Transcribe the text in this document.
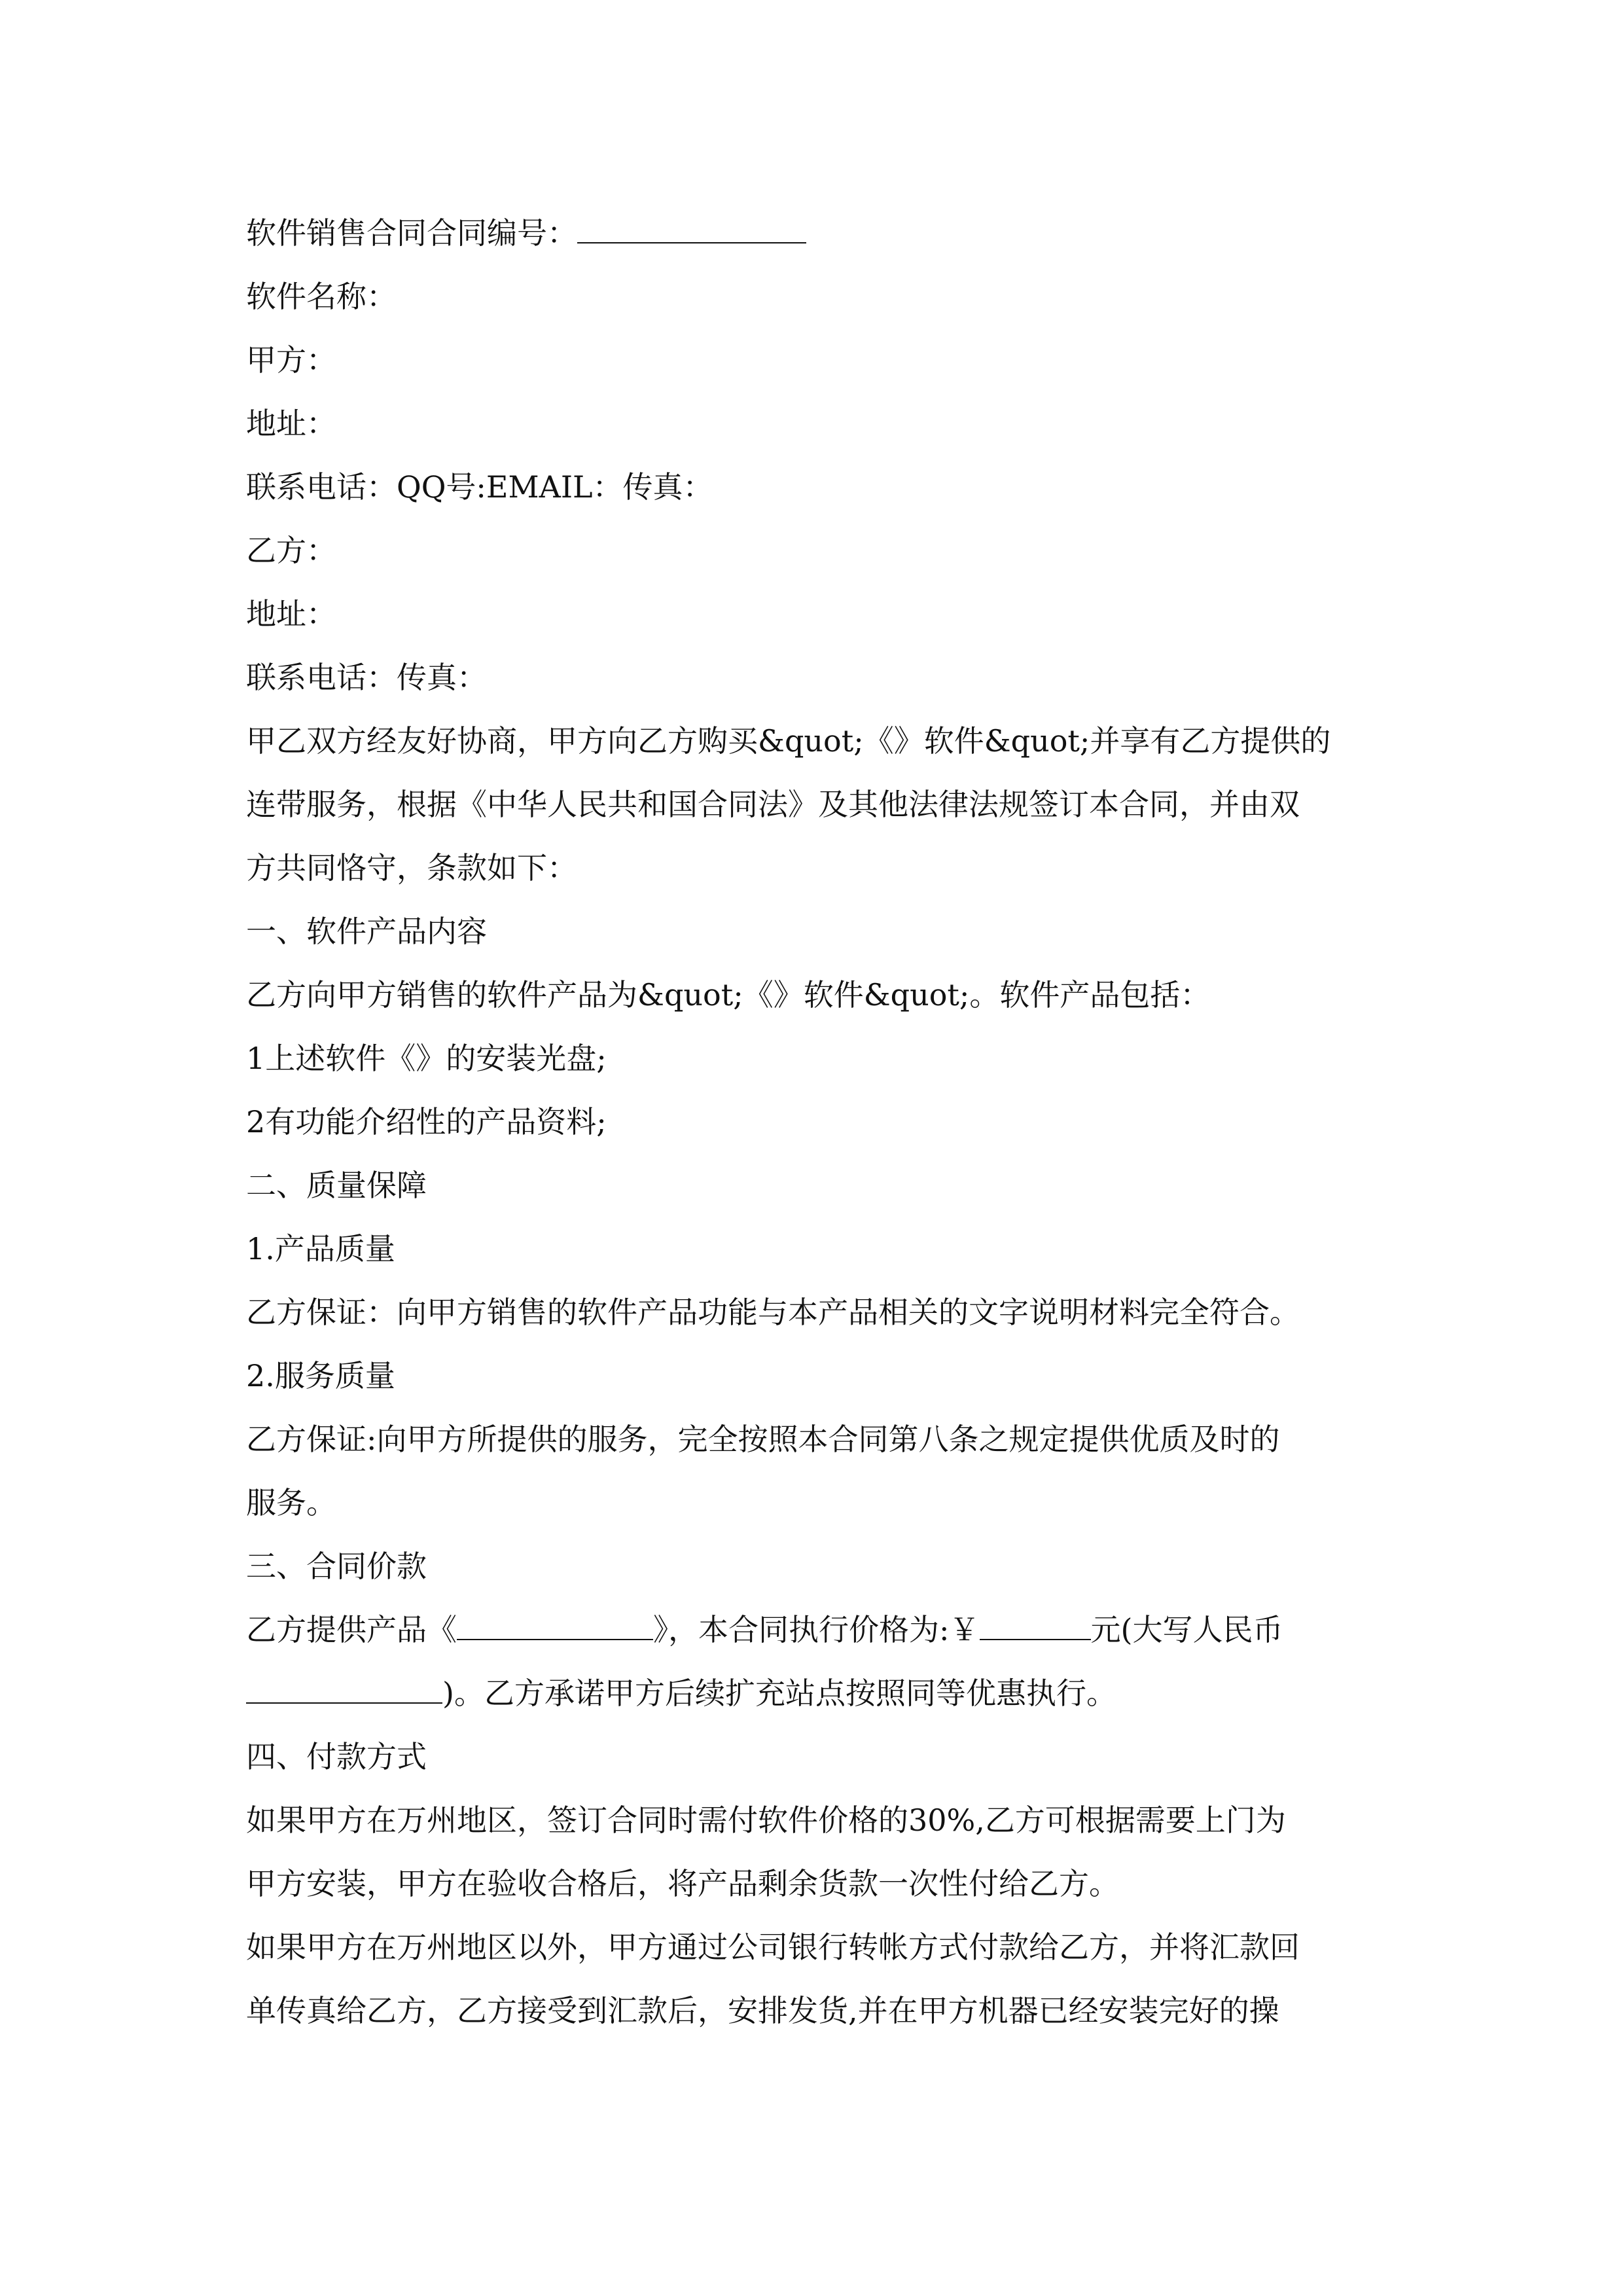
软件销售合同合同编号：
软件名称：
甲方：
地址：
联系电话：QQ号:EMAIL：传真：
乙方：
地址：
联系电话：传真：
甲乙双方经友好协商，甲方向乙方购买&quot;《》软件&quot;并享有乙方提供的
连带服务，根据《中华人民共和国合同法》及其他法律法规签订本合同，并由双
方共同恪守，条款如下：
一、软件产品内容
乙方向甲方销售的软件产品为&quot;《》软件&quot;。软件产品包括：
1上述软件《》的安装光盘;
2有功能介绍性的产品资料;
二、质量保障
1.产品质量
乙方保证：向甲方销售的软件产品功能与本产品相关的文字说明材料完全符合。
2.服务质量
乙方保证:向甲方所提供的服务，完全按照本合同第八条之规定提供优质及时的
服务。
三、合同价款
乙方提供产品《	》，本合同执行价格为:￥	元(大写人民币
)。乙方承诺甲方后续扩充站点按照同等优惠执行。
四、付款方式
如果甲方在万州地区，签订合同时需付软件价格的30%,乙方可根据需要上门为
甲方安装，甲方在验收合格后，将产品剩余货款一次性付给乙方。
如果甲方在万州地区以外，甲方通过公司银行转帐方式付款给乙方，并将汇款回
单传真给乙方，乙方接受到汇款后，安排发货,并在甲方机器已经安装完好的操
